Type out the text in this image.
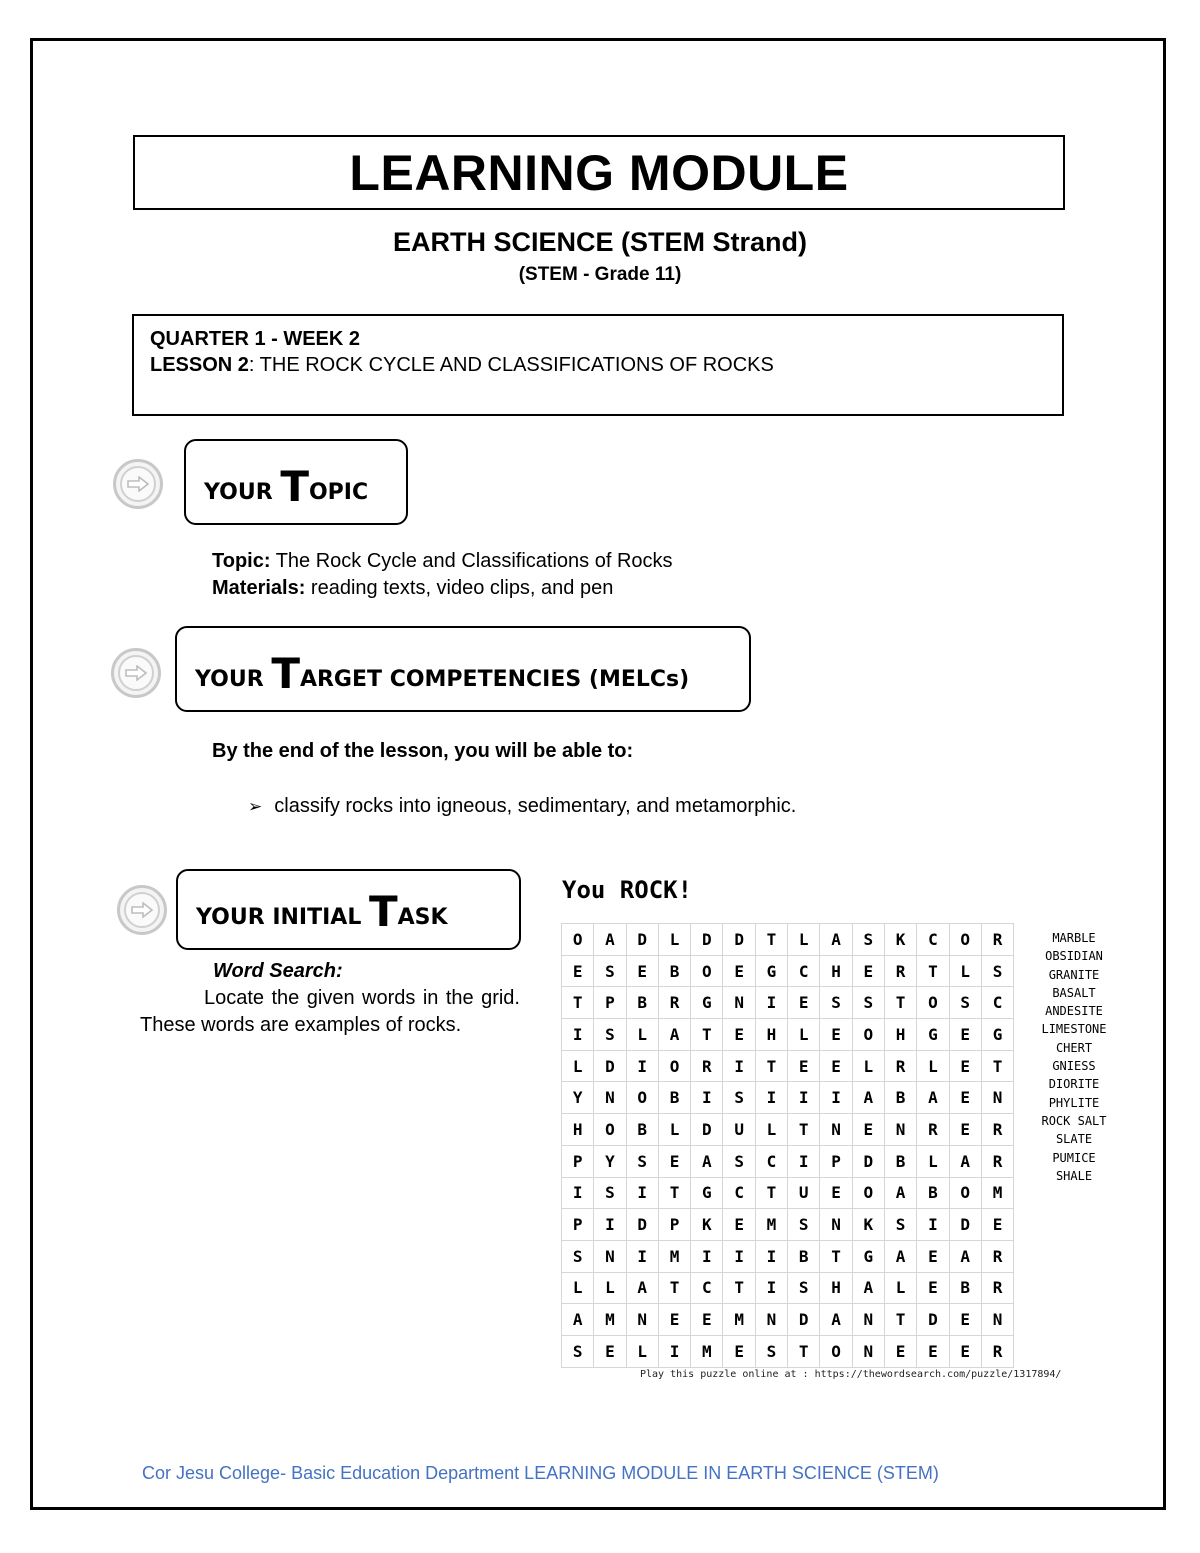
LEARNING MODULE
EARTH SCIENCE (STEM Strand)
(STEM - Grade 11)
QUARTER 1 - WEEK 2
LESSON 2: THE ROCK CYCLE AND CLASSIFICATIONS OF ROCKS
YOUR T OPIC
Topic: The Rock Cycle and Classifications of Rocks
Materials: reading texts, video clips, and pen
YOUR T ARGET COMPETENCIES (MELCs)
By the end of the lesson, you will be able to:
➢ classify rocks into igneous, sedimentary, and metamorphic.
YOUR INITIAL T ASK
Word Search:
Locate the given words in the grid. These words are examples of rocks.
You ROCK!
O	A	D	L	D	D	T	L	A	S	K	C	O	R
E	S	E	B	O	E	G	C	H	E	R	T	L	S
T	P	B	R	G	N	I	E	S	S	T	O	S	C
I	S	L	A	T	E	H	L	E	O	H	G	E	G
L	D	I	O	R	I	T	E	E	L	R	L	E	T
Y	N	O	B	I	S	I	I	I	A	B	A	E	N
H	O	B	L	D	U	L	T	N	E	N	R	E	R
P	Y	S	E	A	S	C	I	P	D	B	L	A	R
I	S	I	T	G	C	T	U	E	O	A	B	O	M
P	I	D	P	K	E	M	S	N	K	S	I	D	E
S	N	I	M	I	I	I	B	T	G	A	E	A	R
L	L	A	T	C	T	I	S	H	A	L	E	B	R
A	M	N	E	E	M	N	D	A	N	T	D	E	N
S	E	L	I	M	E	S	T	O	N	E	E	E	R
MARBLE
OBSIDIAN
GRANITE
BASALT
ANDESITE
LIMESTONE
CHERT
GNIESS
DIORITE
PHYLITE
ROCK SALT
SLATE
PUMICE
SHALE
Play this puzzle online at : https://thewordsearch.com/puzzle/1317894/
Cor Jesu College- Basic Education Department LEARNING MODULE IN EARTH SCIENCE (STEM)
